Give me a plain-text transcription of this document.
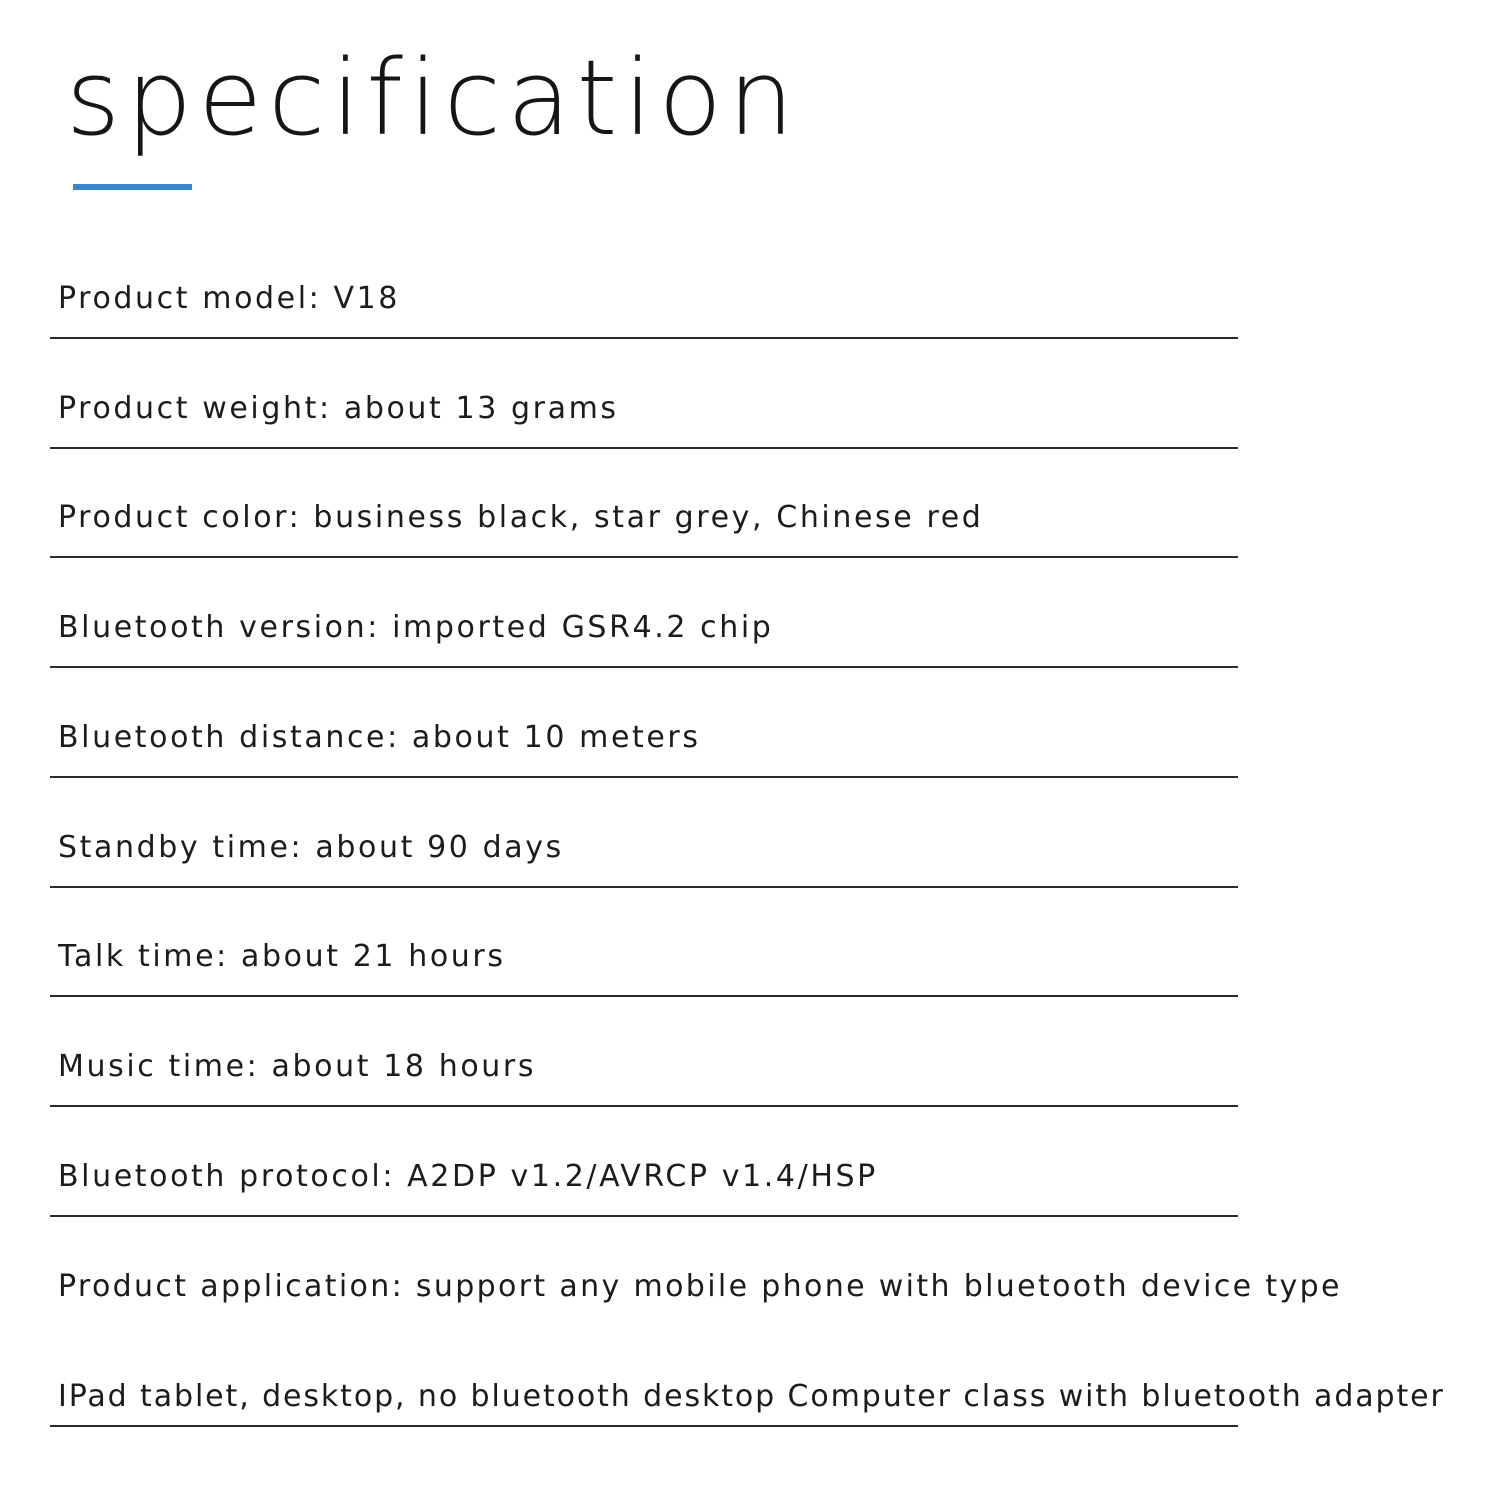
specification
Product model: V18
Product weight: about 13 grams
Product color: business black, star grey, Chinese red
Bluetooth version: imported GSR4.2 chip
Bluetooth distance: about 10 meters
Standby time: about 90 days
Talk time: about 21 hours
Music time: about 18 hours
Bluetooth protocol: A2DP v1.2/AVRCP v1.4/HSP
Product application: support any mobile phone with bluetooth device type
IPad tablet, desktop, no bluetooth desktop Computer class with bluetooth adapter
